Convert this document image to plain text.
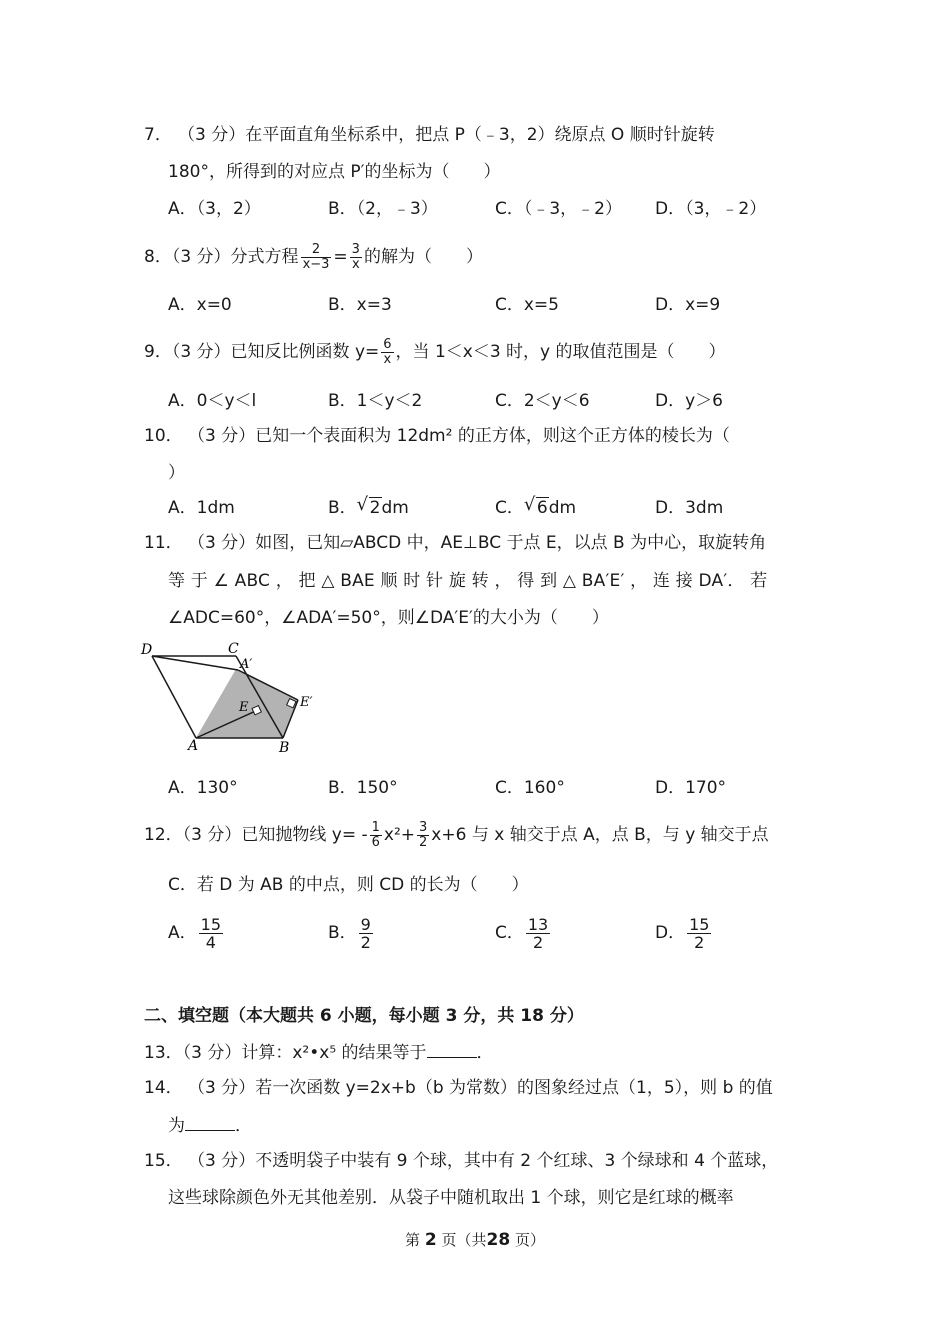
7． （3 分）在平面直角坐标系中，把点 P（﹣3，2）绕原点 O 顺时针旋转
180°，所得到的对应点 P′的坐标为（　　）
A．（3，2）	B．（2，﹣3）	C．（﹣3，﹣2） D．（3，﹣2）
8．（3 分）分式方程 $\frac{2}{x-3} = \frac{3}{x}$ 的解为（　　）
A．x=0	B．x=3	C．x=5	D．x=9
9．（3 分）已知反比例函数 $y= \frac{6}{x}$ ，当 1＜x＜3 时，y 的取值范围是（　　）
A．0＜y＜l	B．1＜y＜2	C．2＜y＜6	D．y＞6
10． （3 分）已知一个表面积为 12dm² 的正方体，则这个正方体的棱长为（
）
A．1dm	B． √ 2dm	C． √ 6dm	D．3dm
11． （3 分）如图，已知▱ABCD 中，AE⊥BC 于点 E，以点 B 为中心，取旋转角
等 于 ∠ ABC ， 把 △ BAE 顺 时 针 旋 转 ， 得 到 △ BA′E′ ， 连 接 DA′． 若
∠ADC=60°，∠ADA′=50°，则∠DA′E′的大小为（　　）
D	C
A′
E′
E
A	B
A．130°	B．150°	C．160°	D．170°
12．（3 分）已知抛物线 $y= - \frac{1}{6} x^2+ \frac{3}{2} x+6$ 与 x 轴交于点 A，点 B，与 y 轴交于点
C．若 D 为 AB 的中点，则 CD 的长为（　　）
A． $\frac{15}{4}$	B． $\frac{9}{2}$	C． $\frac{13}{2}$	D． $\frac{15}{2}$
二、填空题（本大题共 6 小题，每小题 3 分，共 18 分）
13．（3 分）计算：x²•x⁵ 的结果等于	．
14． （3 分）若一次函数 y=2x+b（b 为常数）的图象经过点（1，5），则 b 的值
为	．
15． （3 分）不透明袋子中装有 9 个球，其中有 2 个红球、3 个绿球和 4 个蓝球，
这些球除颜色外无其他差别．从袋子中随机取出 1 个球，则它是红球的概率
第 2 页（共28 页）
